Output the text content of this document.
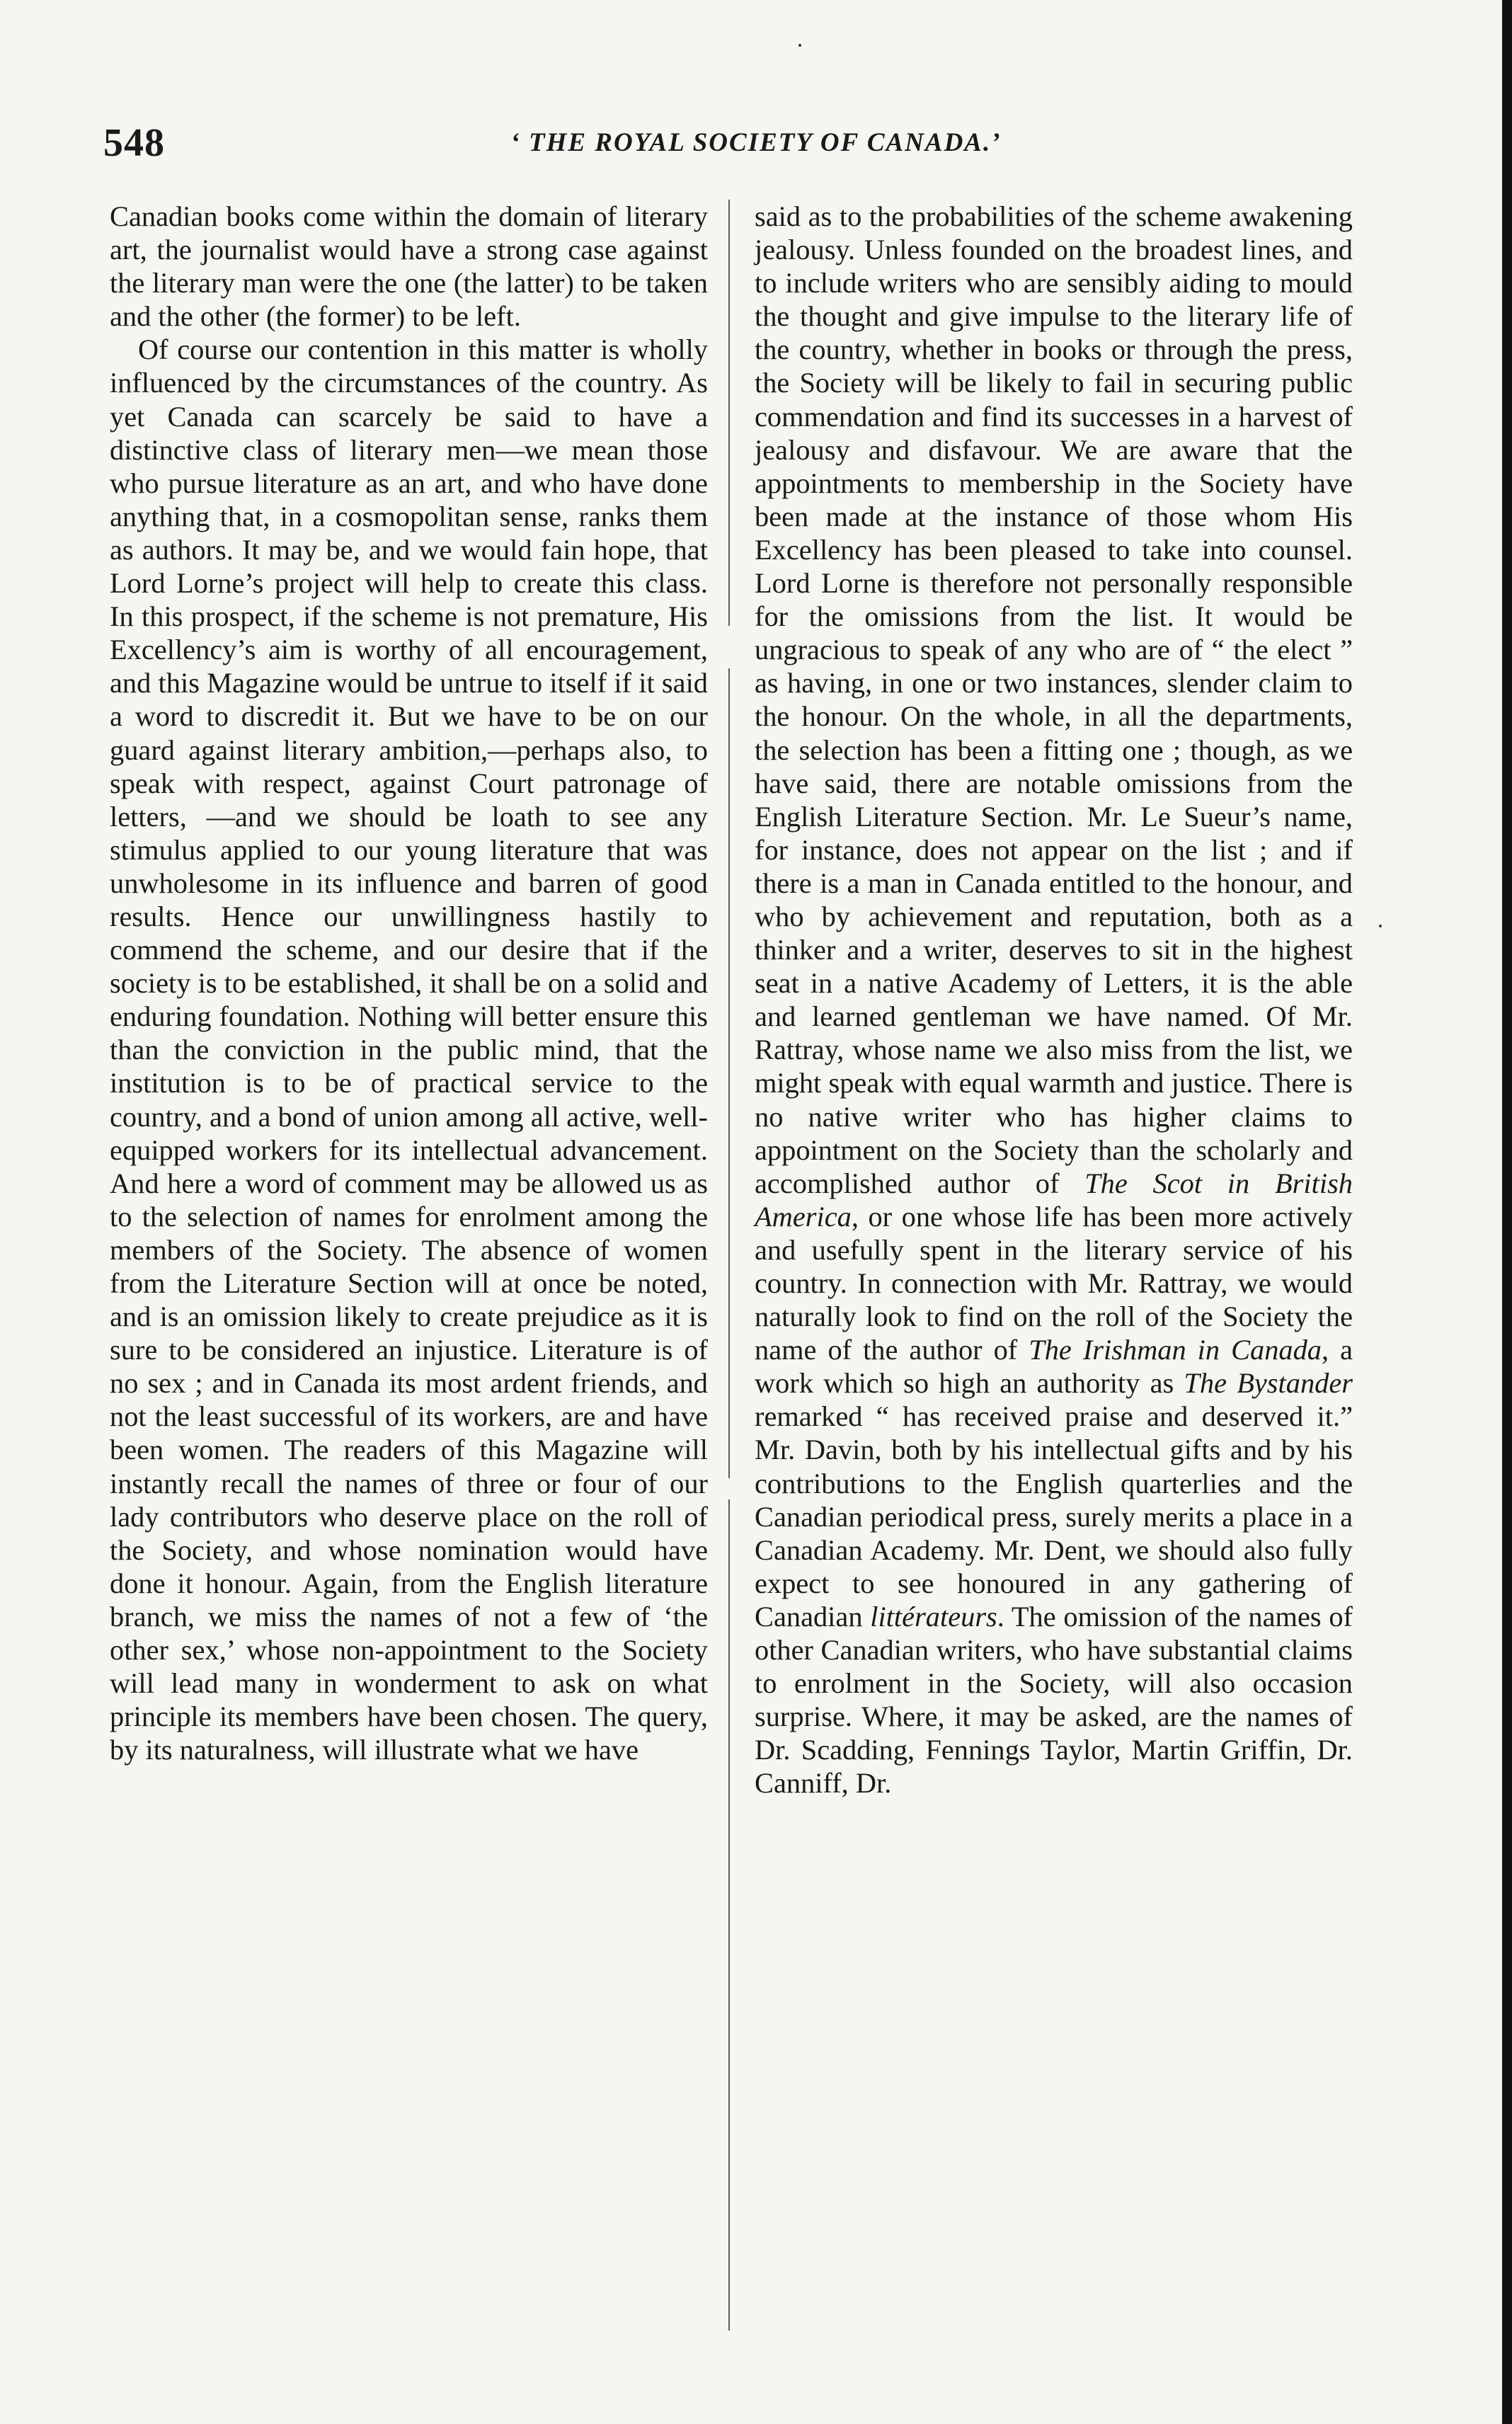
548	‘ THE ROYAL SOCIETY OF CANADA.’

Canadian books come within the domain of literary art, the journalist would have a strong case against the literary man were the one (the latter) to be taken and the other (the former) to be left.

Of course our contention in this matter is wholly influenced by the circumstances of the country. As yet Canada can scarcely be said to have a distinctive class of literary men—we mean those who pursue literature as an art, and who have done anything that, in a cosmopolitan sense, ranks them as authors. It may be, and we would fain hope, that Lord Lorne’s project will help to create this class. In this prospect, if the scheme is not premature, His Excellency’s aim is worthy of all encouragement, and this Magazine would be untrue to itself if it said a word to discredit it. But we have to be on our guard against literary ambition,—perhaps also, to speak with respect, against Court patronage of letters, —and we should be loath to see any stimulus applied to our young literature that was unwholesome in its influence and barren of good results. Hence our unwillingness hastily to commend the scheme, and our desire that if the society is to be established, it shall be on a solid and enduring foundation. Nothing will better ensure this than the conviction in the public mind, that the institution is to be of practical service to the country, and a bond of union among all active, well-equipped workers for its intellectual advancement. And here a word of comment may be allowed us as to the selection of names for enrolment among the members of the Society. The absence of women from the Literature Section will at once be noted, and is an omission likely to create prejudice as it is sure to be considered an injustice. Literature is of no sex ; and in Canada its most ardent friends, and not the least successful of its workers, are and have been women. The readers of this Magazine will instantly recall the names of three or four of our lady contributors who deserve place on the roll of the Society, and whose nomination would have done it honour. Again, from the English literature branch, we miss the names of not a few of ‘the other sex,’ whose non-appointment to the Society will lead many in wonderment to ask on what principle its members have been chosen. The query, by its naturalness, will illustrate what we have

said as to the probabilities of the scheme awakening jealousy. Unless founded on the broadest lines, and to include writers who are sensibly aiding to mould the thought and give impulse to the literary life of the country, whether in books or through the press, the Society will be likely to fail in securing public commendation and find its successes in a harvest of jealousy and disfavour. We are aware that the appointments to membership in the Society have been made at the instance of those whom His Excellency has been pleased to take into counsel. Lord Lorne is therefore not personally responsible for the omissions from the list. It would be ungracious to speak of any who are of “ the elect ” as having, in one or two instances, slender claim to the honour. On the whole, in all the departments, the selection has been a fitting one ; though, as we have said, there are notable omissions from the English Literature Section. Mr. Le Sueur’s name, for instance, does not appear on the list ; and if there is a man in Canada entitled to the honour, and who by achievement and reputation, both as a thinker and a writer, deserves to sit in the highest seat in a native Academy of Letters, it is the able and learned gentleman we have named. Of Mr. Rattray, whose name we also miss from the list, we might speak with equal warmth and justice. There is no native writer who has higher claims to appointment on the Society than the scholarly and accomplished author of The Scot in British America, or one whose life has been more actively and usefully spent in the literary service of his country. In connection with Mr. Rattray, we would naturally look to find on the roll of the Society the name of the author of The Irishman in Canada, a work which so high an authority as The Bystander remarked “ has received praise and deserved it.” Mr. Davin, both by his intellectual gifts and by his contributions to the English quarterlies and the Canadian periodical press, surely merits a place in a Canadian Academy. Mr. Dent, we should also fully expect to see honoured in any gathering of Canadian littérateurs. The omission of the names of other Canadian writers, who have substantial claims to enrolment in the Society, will also occasion surprise. Where, it may be asked, are the names of Dr. Scadding, Fennings Taylor, Martin Griffin, Dr. Canniff, Dr.
